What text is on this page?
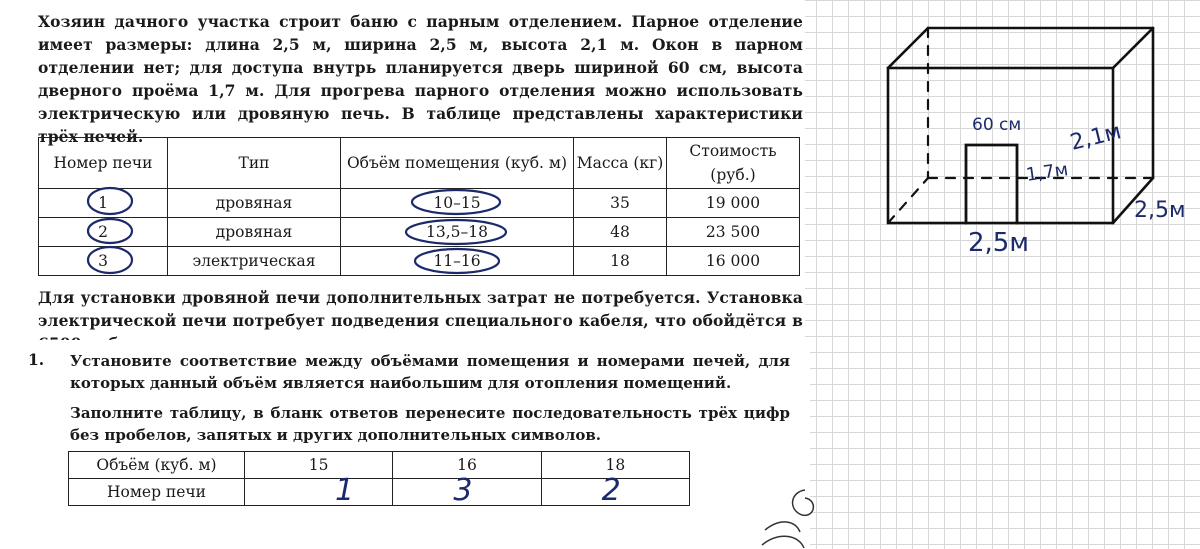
Хозяин дачного участка строит баню с парным отделением. Парное отделение имеет размеры: длина 2,5 м, ширина 2,5 м, высота 2,1 м. Окон в парном отделении нет; для доступа внутрь планируется дверь шириной 60 см, высота дверного проёма 1,7 м. Для прогрева парного отделения можно использовать электрическую или дровяную печь. В таблице представлены характеристики трёх печей.
Номер печи	Тип	Объём помещения (куб. м)	Масса (кг)	Стоимость (руб.)
1	дровяная	10–15	35	19 000
2	дровяная	13,5–18	48	23 500
3	электрическая	11–16	18	16 000
Для установки дровяной печи дополнительных затрат не потребуется. Установка электрической печи потребует подведения специального кабеля, что обойдётся в
1. Установите соответствие между объёмами помещения и номерами печей, для которых данный объём является наибольшим для отопления помещений.
Заполните таблицу, в бланк ответов перенесите последовательность трёх цифр без пробелов, запятых и других дополнительных символов.
Объём (куб. м)	15	16	18
Номер печи	1	3	2
60 см 2,1м
1,7м
2,5м
2,5м
